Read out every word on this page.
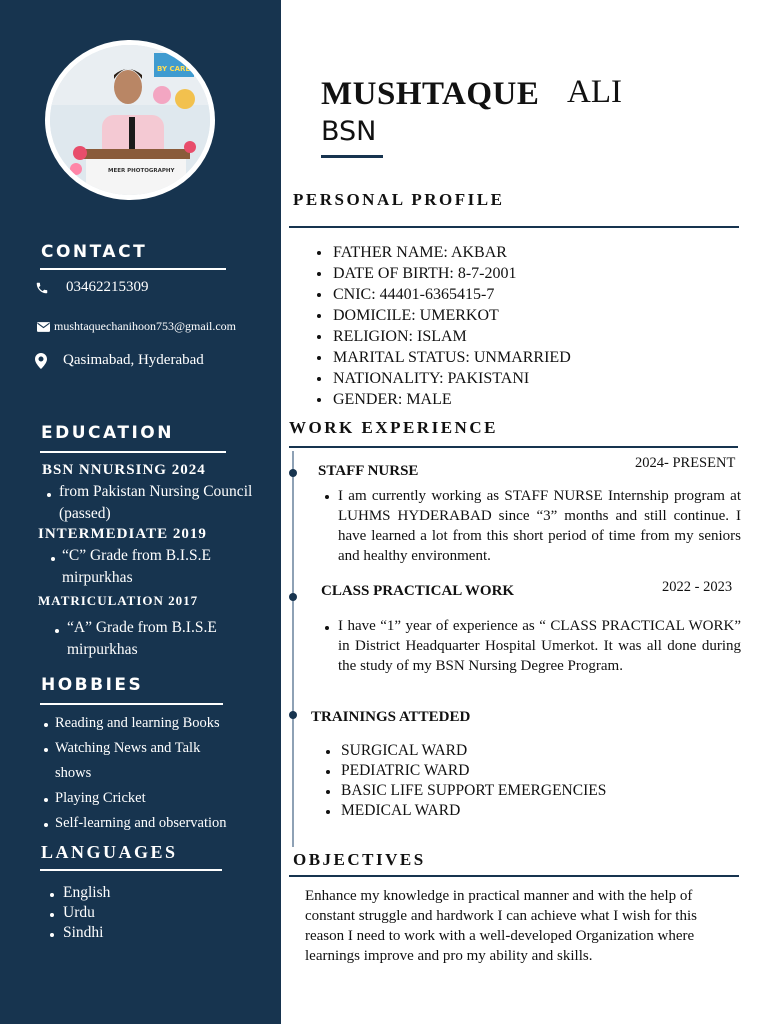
BY CARE
MEER PHOTOGRAPHY
CONTACT
03462215309
mushtaquechanihoon753@gmail.com
Qasimabad, Hyderabad
EDUCATION
BSN NNURSING 2024
from Pakistan Nursing Council
(passed)
INTERMEDIATE 2019
“C” Grade from B.I.S.E
mirpurkhas
MATRICULATION 2017
“A” Grade from B.I.S.E
mirpurkhas
HOBBIES
Reading and learning Books
Watching News and Talk
shows
Playing Cricket
Self-learning and observation
LANGUAGES
English
Urdu
Sindhi
MUSHTAQUE ALI
BSN
PERSONAL PROFILE
FATHER NAME: AKBAR
DATE OF BIRTH: 8-7-2001
CNIC: 44401-6365415-7
DOMICILE: UMERKOT
RELIGION: ISLAM
MARITAL STATUS: UNMARRIED
NATIONALITY: PAKISTANI
GENDER: MALE
WORK EXPERIENCE
STAFF NURSE	2024- PRESENT
I am currently working as STAFF NURSE Internship program at LUHMS HYDERABAD since “3” months and still continue. I have learned a lot from this short period of time from my seniors and healthy environment.
CLASS PRACTICAL WORK	2022 - 2023
I have “1” year of experience as “ CLASS PRACTICAL WORK” in District Headquarter Hospital Umerkot. It was all done during the study of my BSN Nursing Degree Program.
TRAININGS ATTEDED
SURGICAL WARD
PEDIATRIC WARD
BASIC LIFE SUPPORT EMERGENCIES
MEDICAL WARD
OBJECTIVES
Enhance my knowledge in practical manner and with the help of constant struggle and hardwork I can achieve what I wish for this reason I need to work with a well-developed Organization where learnings improve and pro my ability and skills.
